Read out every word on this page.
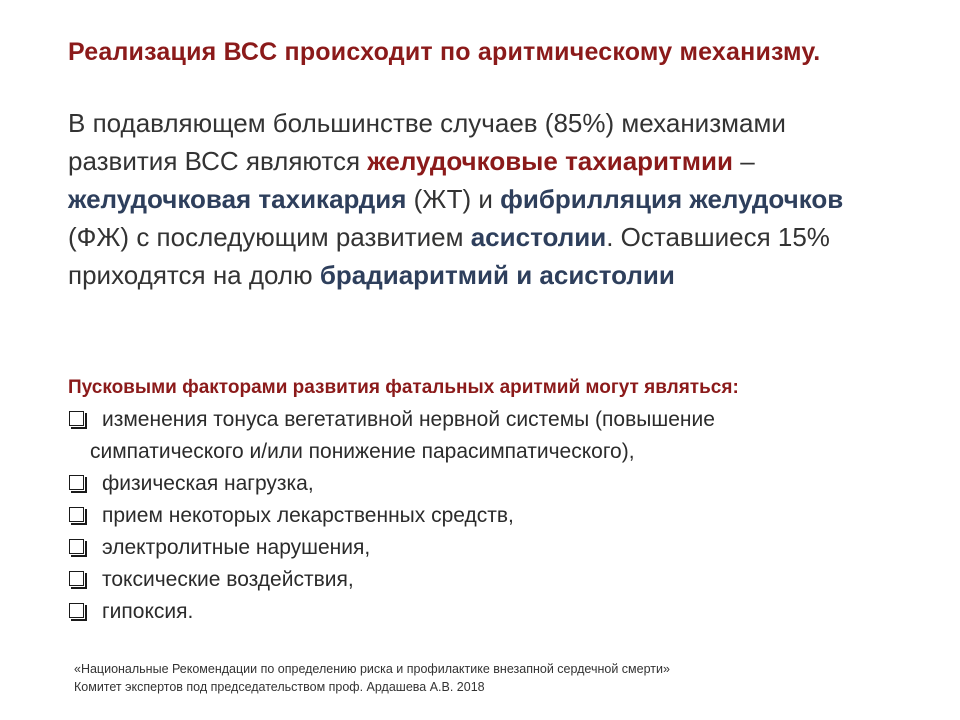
Реализация ВСС происходит по аритмическому механизму.
В подавляющем большинстве случаев (85%) механизмами развития ВСС являются желудочковые тахиаритмии – желудочковая тахикардия (ЖТ) и фибрилляция желудочков (ФЖ) с последующим развитием асистолии. Оставшиеся 15% приходятся на долю брадиаритмий и асистолии
Пусковыми факторами развития фатальных аритмий могут являться:
изменения тонуса вегетативной нервной системы (повышение
симпатического и/или понижение парасимпатического),
физическая нагрузка,
прием некоторых лекарственных средств,
электролитные нарушения,
токсические воздействия,
гипоксия.
«Национальные Рекомендации по определению риска и профилактике внезапной сердечной смерти»
Комитет экспертов под председательством проф. Ардашева А.В. 2018
